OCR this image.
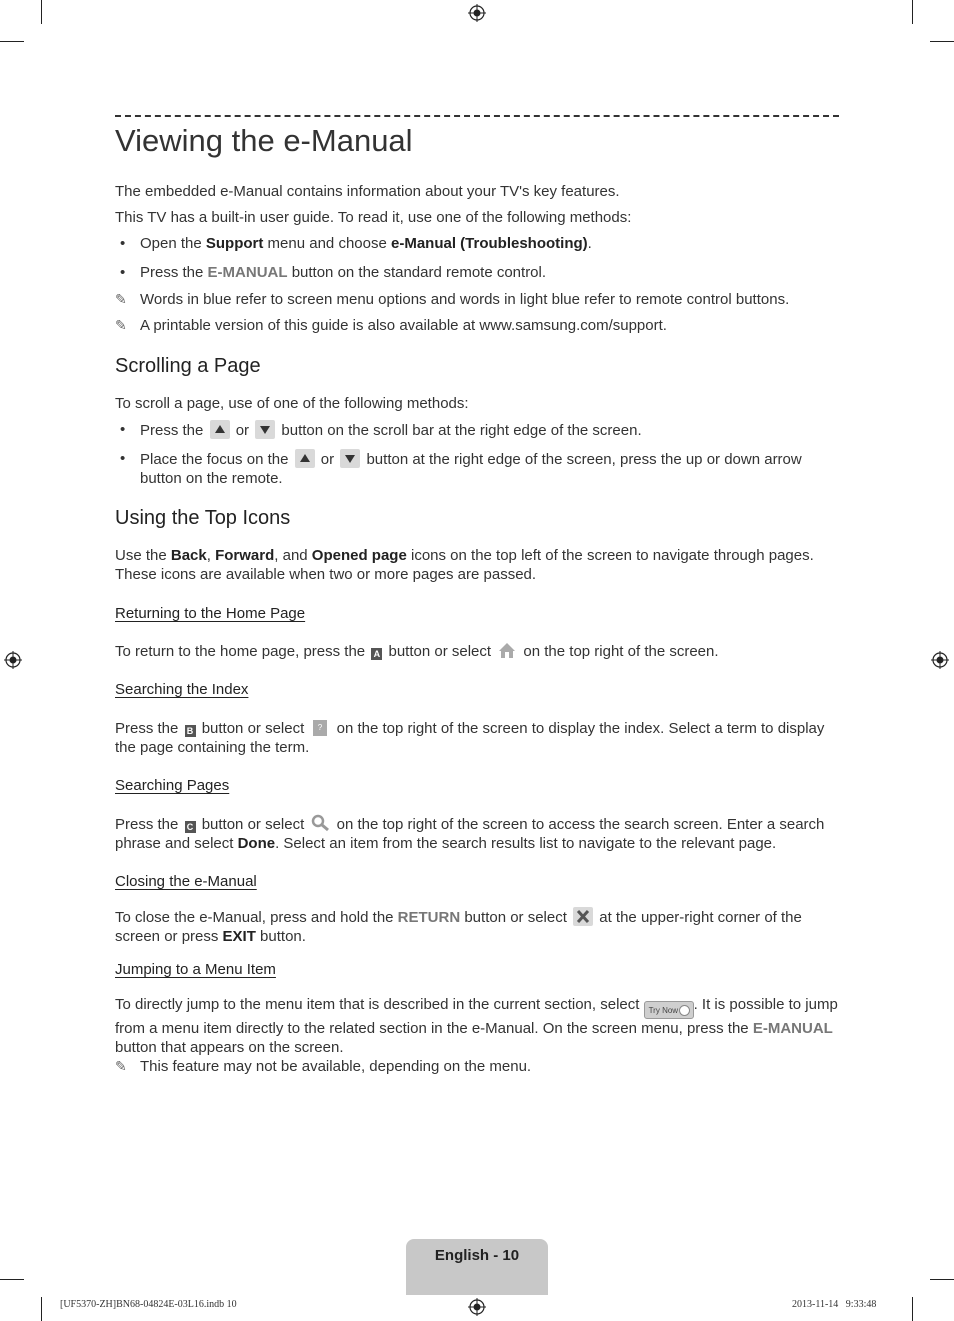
Viewing the e-Manual

The embedded e-Manual contains information about your TV's key features.

This TV has a built-in user guide. To read it, use one of the following methods:

• Open the Support menu and choose e-Manual (Troubleshooting).
• Press the E-MANUAL button on the standard remote control.
✎ Words in blue refer to screen menu options and words in light blue refer to remote control buttons.
✎ A printable version of this guide is also available at www.samsung.com/support.
Scrolling a Page

To scroll a page, use of one of the following methods:

• Press the
or
button on the scroll bar at the right edge of the screen.
• Place the focus on the
or
button at the right edge of the screen, press the up or down arrow button on the remote.
Using the Top Icons

Use the Back, Forward, and Opened page icons on the top left of the screen to navigate through pages. These icons are available when two or more pages are passed.

Returning to the Home Page

To return to the home page, press the A button or select
on the top right of the screen.

Searching the Index

Press the B button or select ? on the top right of the screen to display the index. Select a term to display the page containing the term.

Searching Pages

Press the C button or select
on the top right of the screen to access the search screen. Enter a search phrase and select Done. Select an item from the search results list to navigate to the relevant page.

Closing the e-Manual

To close the e-Manual, press and hold the RETURN button or select
at the upper-right corner of the screen or press EXIT button.

Jumping to a Menu Item

To directly jump to the menu item that is described in the current section, select Try Now . It is possible to jump from a menu item directly to the related section in the e-Manual. On the screen menu, press the E-MANUAL button that appears on the screen.

✎ This feature may not be available, depending on the menu.
English - 10
[UF5370-ZH]BN68-04824E-03L16.indb 10	2013-11-14   9:33:48
